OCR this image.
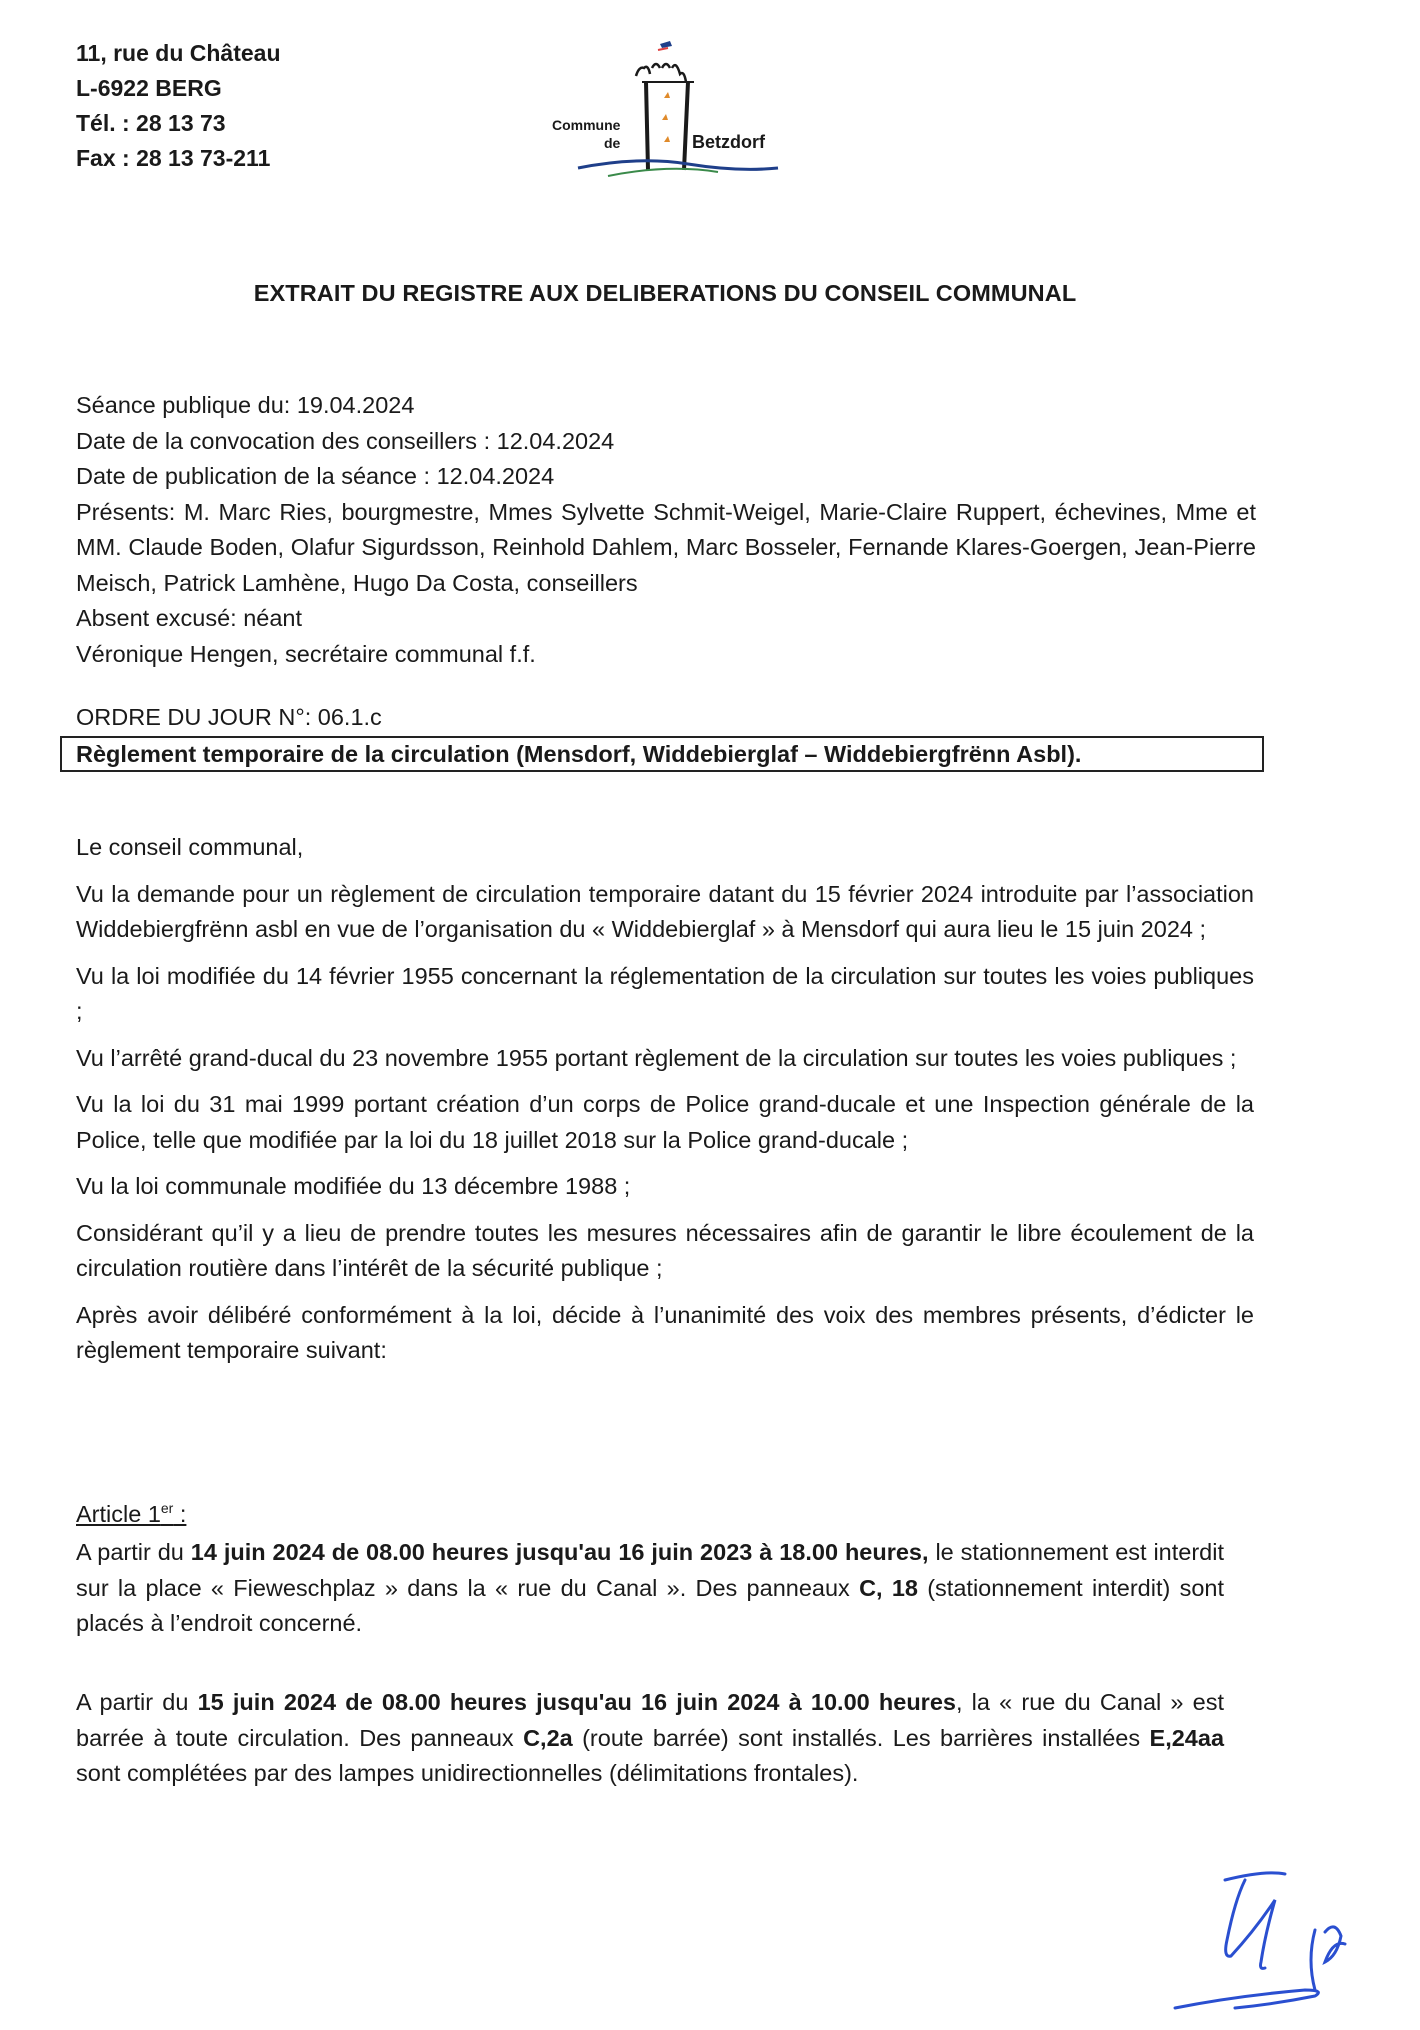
11, rue du Château
L-6922 BERG
Tél. : 28 13 73
Fax : 28 13 73-211
Commune
de	Betzdorf
EXTRAIT DU REGISTRE AUX DELIBERATIONS DU CONSEIL COMMUNAL

Séance publique du: 19.04.2024

Date de la convocation des conseillers : 12.04.2024

Date de publication de la séance : 12.04.2024

Présents: M. Marc Ries, bourgmestre, Mmes Sylvette Schmit-Weigel, Marie-Claire Ruppert, échevines, Mme et MM. Claude Boden, Olafur Sigurdsson, Reinhold Dahlem, Marc Bosseler, Fernande Klares-Goergen, Jean-Pierre Meisch, Patrick Lamhène, Hugo Da Costa, conseillers

Absent excusé: néant

Véronique Hengen, secrétaire communal f.f.

ORDRE DU JOUR N°: 06.1.c
Règlement temporaire de la circulation (Mensdorf, Widdebierglaf – Widdebiergfrënn Asbl).

Le conseil communal,

Vu la demande pour un règlement de circulation temporaire datant du 15 février 2024 introduite par l’association Widdebiergfrënn asbl en vue de l’organisation du « Widdebierglaf » à Mensdorf qui aura lieu le 15 juin 2024 ;

Vu la loi modifiée du 14 février 1955 concernant la réglementation de la circulation sur toutes les voies publiques ;

Vu l’arrêté grand-ducal du 23 novembre 1955 portant règlement de la circulation sur toutes les voies publiques ;

Vu la loi du 31 mai 1999 portant création d’un corps de Police grand-ducale et une Inspection générale de la Police, telle que modifiée par la loi du 18 juillet 2018 sur la Police grand-ducale ;

Vu la loi communale modifiée du 13 décembre 1988 ;

Considérant qu’il y a lieu de prendre toutes les mesures nécessaires afin de garantir le libre écoulement de la circulation routière dans l’intérêt de la sécurité publique ;

Après avoir délibéré conformément à la loi, décide à l’unanimité des voix des membres présents, d’édicter le règlement temporaire suivant:

Article 1er :
A partir du 14 juin 2024 de 08.00 heures jusqu'au 16 juin 2023 à 18.00 heures, le stationnement est interdit sur la place « Fieweschplaz » dans la « rue du Canal ». Des panneaux C, 18 (stationnement interdit) sont placés à l’endroit concerné.
A partir du 15 juin 2024 de 08.00 heures jusqu'au 16 juin 2024 à 10.00 heures, la « rue du Canal » est barrée à toute circulation. Des panneaux C,2a (route barrée) sont installés. Les barrières installées E,24aa sont complétées par des lampes unidirectionnelles (délimitations frontales).
